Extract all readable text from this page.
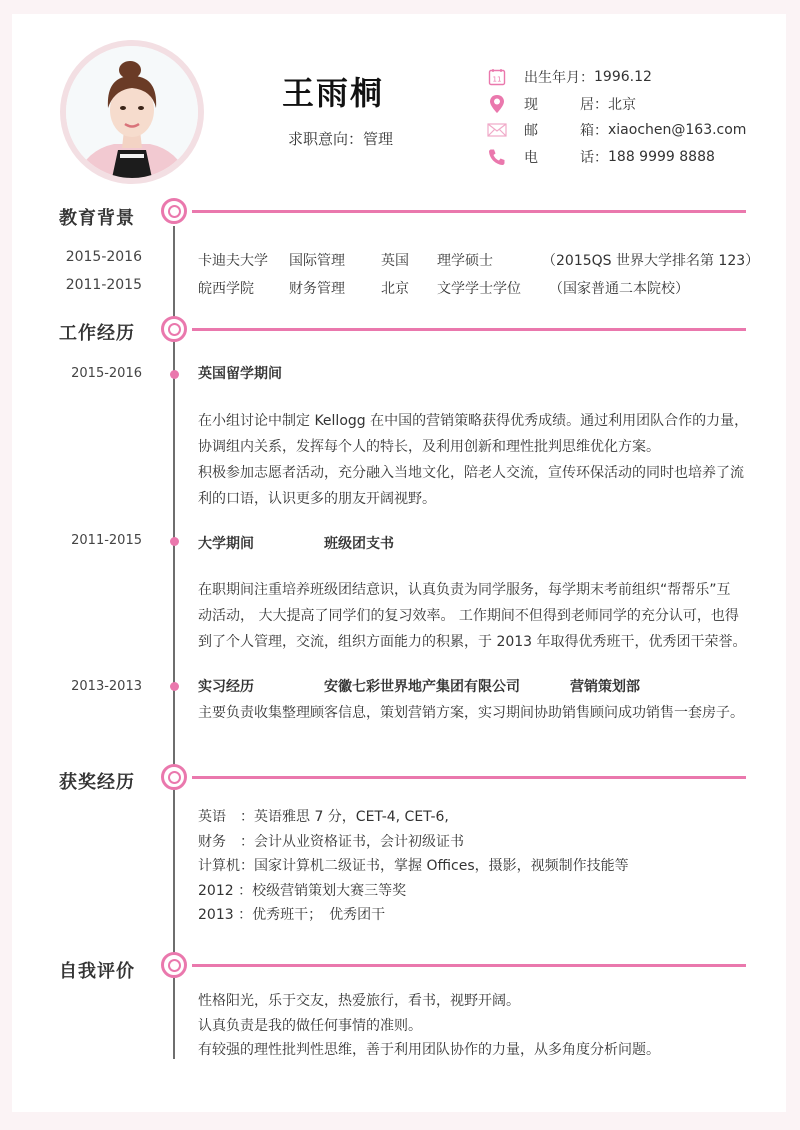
王雨桐
求职意向：管理
11 出生年月 ： 1996.12
现	居 ： 北京
邮	箱 ： xiaochen@163.com
电	话 ： 188 9999 8888
教育背景
2015-2016	卡迪夫大学 国际管理	英国 理学硕士	（2015QS 世界大学排名第 123）
2011-2015	皖西学院	财务管理	北京 文学学士学位 （国家普通二本院校）
工作经历
2015-2016	英国留学期间
在小组讨论中制定 Kellogg 在中国的营销策略获得优秀成绩。通过利用团队合作的力量，
协调组内关系，发挥每个人的特长，及利用创新和理性批判思维优化方案。
积极参加志愿者活动，充分融入当地文化，陪老人交流，宣传环保活动的同时也培养了流
利的口语，认识更多的朋友开阔视野。
2011-2015	大学期间	班级团支书
在职期间注重培养班级团结意识，认真负责为同学服务，每学期末考前组织“帮帮乐”互
动活动， 大大提高了同学们的复习效率。 工作期间不但得到老师同学的充分认可，也得
到了个人管理，交流，组织方面能力的积累，于 2013 年取得优秀班干，优秀团干荣誉。
2013-2013	实习经历	安徽七彩世界地产集团有限公司	营销策划部
主要负责收集整理顾客信息，策划营销方案，实习期间协助销售顾问成功销售一套房子。
获奖经历
英语　：英语雅思 7 分，CET-4, CET-6,
财务　：会计从业资格证书，会计初级证书
计算机：国家计算机二级证书，掌握 Offices，摄影，视频制作技能等
2012 ：校级营销策划大赛三等奖
2013 ：优秀班干；　优秀团干
自我评价
性格阳光，乐于交友，热爱旅行，看书，视野开阔。
认真负责是我的做任何事情的准则。
有较强的理性批判性思维，善于利用团队协作的力量，从多角度分析问题。
